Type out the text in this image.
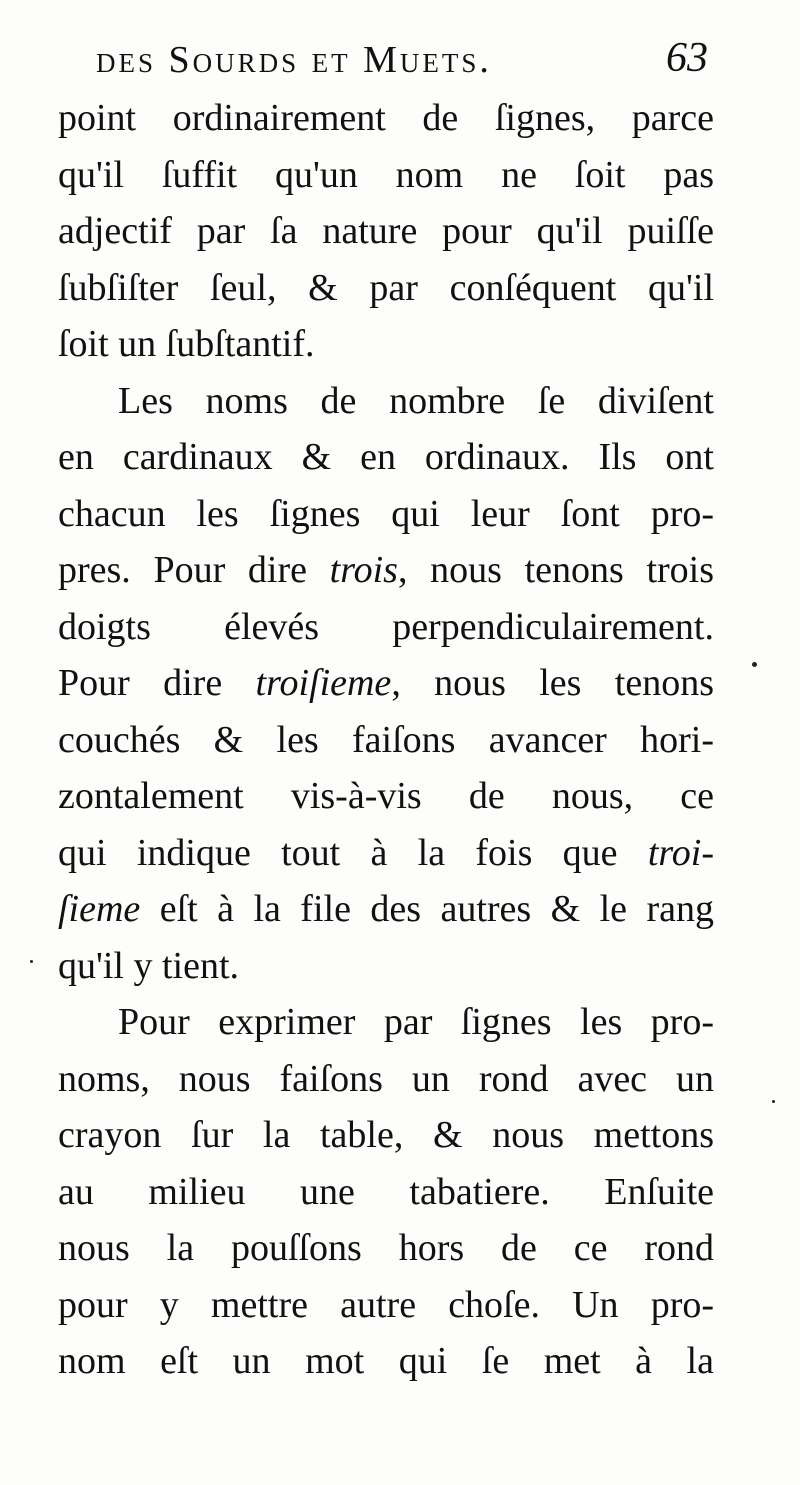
des Sourds et Muets.	63
point ordinairement de ſignes, parce
qu'il ſuffit qu'un nom ne ſoit pas
adjectif par ſa nature pour qu'il puiſſe
ſubſiſter ſeul, & par conſéquent qu'il
ſoit un ſubſtantif.
Les noms de nombre ſe diviſent
en cardinaux & en ordinaux. Ils ont
chacun les ſignes qui leur ſont pro-
pres. Pour dire trois, nous tenons trois
doigts élevés perpendiculairement.
Pour dire troiſieme, nous les tenons
couchés & les faiſons avancer hori-
zontalement vis-à-vis de nous, ce
qui indique tout à la fois que troi-
ſieme eſt à la file des autres & le rang
qu'il y tient.
Pour exprimer par ſignes les pro-
noms, nous faiſons un rond avec un
crayon ſur la table, & nous mettons
au milieu une tabatiere. Enſuite
nous la pouſſons hors de ce rond
pour y mettre autre choſe. Un pro-
nom eſt un mot qui ſe met à la
